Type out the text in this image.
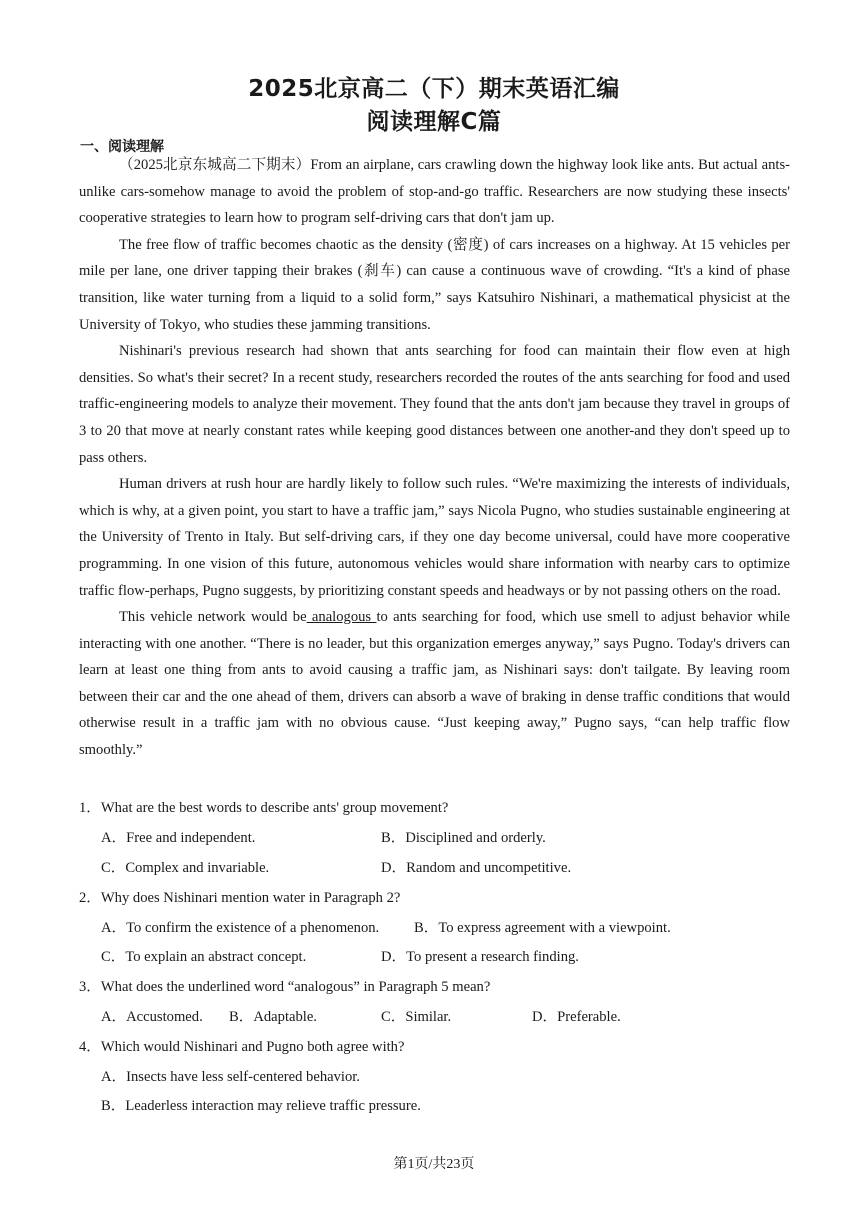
2025北京高二（下）期末英语汇编
阅读理解C篇
一、阅读理解

（2025北京东城高二下期末）From an airplane, cars crawling down the highway look like ants. But actual ants-unlike cars-somehow manage to avoid the problem of stop-and-go traffic. Researchers are now studying these insects' cooperative strategies to learn how to program self-driving cars that don't jam up.

The free flow of traffic becomes chaotic as the density (密度) of cars increases on a highway. At 15 vehicles per mile per lane, one driver tapping their brakes (刹车) can cause a continuous wave of crowding. “It's a kind of phase transition, like water turning from a liquid to a solid form,” says Katsuhiro Nishinari, a mathematical physicist at the University of Tokyo, who studies these jamming transitions.

Nishinari's previous research had shown that ants searching for food can maintain their flow even at high densities. So what's their secret? In a recent study, researchers recorded the routes of the ants searching for food and used traffic-engineering models to analyze their movement. They found that the ants don't jam because they travel in groups of 3 to 20 that move at nearly constant rates while keeping good distances between one another-and they don't speed up to pass others.

Human drivers at rush hour are hardly likely to follow such rules. “We're maximizing the interests of individuals, which is why, at a given point, you start to have a traffic jam,” says Nicola Pugno, who studies sustainable engineering at the University of Trento in Italy. But self-driving cars, if they one day become universal, could have more cooperative programming. In one vision of this future, autonomous vehicles would share information with nearby cars to optimize traffic flow-perhaps, Pugno suggests, by prioritizing constant speeds and headways or by not passing others on the road.

This vehicle network would be analogous to ants searching for food, which use smell to adjust behavior while interacting with one another. “There is no leader, but this organization emerges anyway,” says Pugno. Today's drivers can learn at least one thing from ants to avoid causing a traffic jam, as Nishinari says: don't tailgate. By leaving room between their car and the one ahead of them, drivers can absorb a wave of braking in dense traffic conditions that would otherwise result in a traffic jam with no obvious cause. “Just keeping away,” Pugno says, “can help traffic flow smoothly.”

1．What are the best words to describe ants' group movement?
A．Free and independent.	B．Disciplined and orderly.
C．Complex and invariable.	D．Random and uncompetitive.
2．Why does Nishinari mention water in Paragraph 2?
A．To confirm the existence of a phenomenon. B．To express agreement with a viewpoint.
C．To explain an abstract concept.	D．To present a research finding.
3．What does the underlined word “analogous” in Paragraph 5 mean?
A．Accustomed. B．Adaptable.	C．Similar.	D．Preferable.
4．Which would Nishinari and Pugno both agree with?
A．Insects have less self-centered behavior.
B．Leaderless interaction may relieve traffic pressure.
第1页/共23页
